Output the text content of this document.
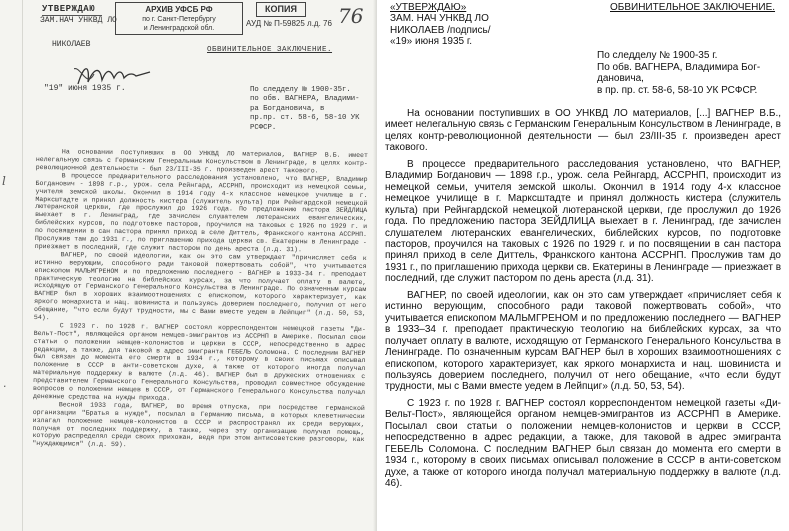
УТВЕРЖДАЮ	АРХИВ УФСБ РФ
по г. Санкт-Петербургу
и Ленинградской обл.
КОПИЯ
АУД № П-59825 л.д. 76 76
ЗАМ.НАЧ УНКВД ЛО
НИКОЛАЕВ
"19" июня 1935 г.
ОБВИНИТЕЛЬНОЕ ЗАКЛЮЧЕНИЕ.
По следделу № 1900-35г.
по обв. ВАГНЕРА, Владими-
ра Богдановича, в
пр.пр. ст. 58-6, 58-10 УК РСФСР.

На основании поступивших в ОО УНКВД ЛО материалов, ВАГНЕР В.Б. имеет нелегальную связь с Германским Генеральным Консульством в Ленинграде, в целях контр-революционной деятельности - был 23/III-35 г. произведен арест такового.

В процессе предварительного расследования установлено, что ВАГНЕР, Владимир Богданович - 1898 г.р., урож. села Рейнгард, АССРНП, происходит из немецкой семьи, учителя земской школы. Окончил в 1914 году 4-х классное немецкое училище в г. Марксштадте и принял должность кистера (служитель культа) при Рейнгардской немецкой лютеранской церкви, где прослужил до 1926 года. По предложению пастора ЗЕЙДЛИЦА выехает в г. Ленинград, где зачислен слушателем лютеранских евангелических, библейских курсов, по подготовке пасторов, проучился на таковых с 1926 по 1929 г. и по посвящении в сан пастора принял приход в селе Диттель, Франкского кантона АССРНП. Прослужив там до 1931 г., по приглашению прихода церкви св. Екатерины в Ленинграде - приезжает в последний, где служит пастором по день ареста (л.д. 31).

ВАГНЕР, по своей идеологии, как он это сам утверждает "причисляет себя к истинно верующим, способного ради таковой пожертвовать собой", что учитывается епископом МАЛЬМГРЕНОМ и по предложению последнего - ВАГНЕР в 1933-34 г. преподает практическую теологию на библейских курсах, за что получает оплату в валюте, исходящую от Германского Генерального Консульства в Ленинграде. По означенным курсам ВАГНЕР был в хороших взаимоотношениях с епископом, которого характеризует, как яркого монархиста и нац. шовиниста и пользуясь доверием последнего, получил от него обещание, "что если будут трудности, мы с Вами вместе уедем в Лейпциг" (л.д. 50, 53, 54).

С 1923 г. по 1928 г. ВАГНЕР состоял корреспондентом немецкой газеты "Ди-Вельт-Пост", являющейся органом немцев-эмигрантов из АССРНП в Америке. Посылал свои статьи о положении немцев-колонистов и церкви в СССР, непосредственно в адрес редакции, а также, для таковой в адрес эмигранта ГЕБЕЛЬ Соломона. С последним ВАГНЕР был связан до момента его смерти в 1934 г., которому в своих письмах описывал положение в СССР в анти-советском духе, а также от которого иногда получал материальную поддержку в валюте (л.д. 46). ВАГНЕР был в дружеских отношениях с представителем Германского Генерального Консульства, проводил совместное обсуждение вопросов о положении немцев в СССР, от Германского Генерального Консульства получал денежные средства на нужды прихода.

Весной 1933 года, ВАГНЕР, во время отпуска, при посредстве германской организации "Братья в нужде", посылал в Германию письма, в которых клеветнически излагал положение немцев-колонистов в СССР и распространял их среди верующих, получая от последних поддержку, а также, через эту организацию получал помощь, которую распределял среди своих прихожан, ведя при этом антисоветские разговоры, как "нуждающимся" (л.д. 59).

ⅼ
·
«УТВЕРЖДАЮ»
ЗАМ. НАЧ УНКВД ЛО
НИКОЛАЕВ /подпись/
«19» июня 1935 г.
ОБВИНИТЕЛЬНОЕ ЗАКЛЮЧЕНИЕ.
По следделу № 1900-35 г.
По обв. ВАГНЕРА, Владимира Бог-
дановича,
в пр. пр. ст. 58-6, 58-10 УК РСФСР.

На основании поступивших в ОО УНКВД ЛО материалов, [...] ВАГНЕР В.Б., имеет нелегальную связь с Германским Генеральным Консульством в Ленинграде, в целях контр-революционной деятельности — был 23/III-35 г. произведен арест такового.

В процессе предварительного расследования установлено, что ВАГНЕР, Владимир Богданович — 1898 г.р., урож. села Рейнгард, АССРНП, происходит из немецкой семьи, учителя земской школы. Окончил в 1914 году 4-х классное немецкое училище в г. Марксштадте и принял должность кистера (служитель культа) при Рейнгардской немецкой лютеранской церкви, где прослужил до 1926 года. По предложению пастора ЗЕЙДЛИЦА выехает в г. Ленинград, где зачислен слушателем лютеранских евангелических, библейских курсов, по подготовке пасторов, проучился на таковых с 1926 по 1929 г. и по посвящении в сан пастора принял приход в селе Диттель, Франкского кантона АССРНП. Прослужив там до 1931 г., по приглашению прихода церкви св. Екатерины в Ленинграде — приезжает в последний, где служит пастором по день ареста (л.д. 31).

ВАГНЕР, по своей идеологии, как он это сам утверждает «причисляет себя к истинно верующим, способного ради таковой пожертвовать собой», что учитывается епископом МАЛЬМГРЕНОМ и по предложению последнего — ВАГНЕР в 1933–34 г. преподает практическую теологию на библейских курсах, за что получает оплату в валюте, исходящую от Германского Генерального Консульства в Ленинграде. По означенным курсам ВАГНЕР был в хороших взаимоотношениях с епископом, которого характеризует, как яркого монархиста и нац. шовиниста и пользуясь доверием последнего, получил от него обещание, «что если будут трудности, мы с Вами вместе уедем в Лейпциг» (л.д. 50, 53, 54).

С 1923 г. по 1928 г. ВАГНЕР состоял корреспондентом немецкой газеты «Ди-Вельт-Пост», являющейся органом немцев-эмигрантов из АССРНП в Америке. Посылал свои статьи о положении немцев-колонистов и церкви в СССР, непосредственно в адрес редакции, а также, для таковой в адрес эмигранта ГЕБЕЛЬ Соломона. С последним ВАГНЕР был связан до момента его смерти в 1934 г., которому в своих письмах описывал положение в СССР в анти-советском духе, а также от которого иногда получал материальную поддержку в валюте (л.д. 46).
